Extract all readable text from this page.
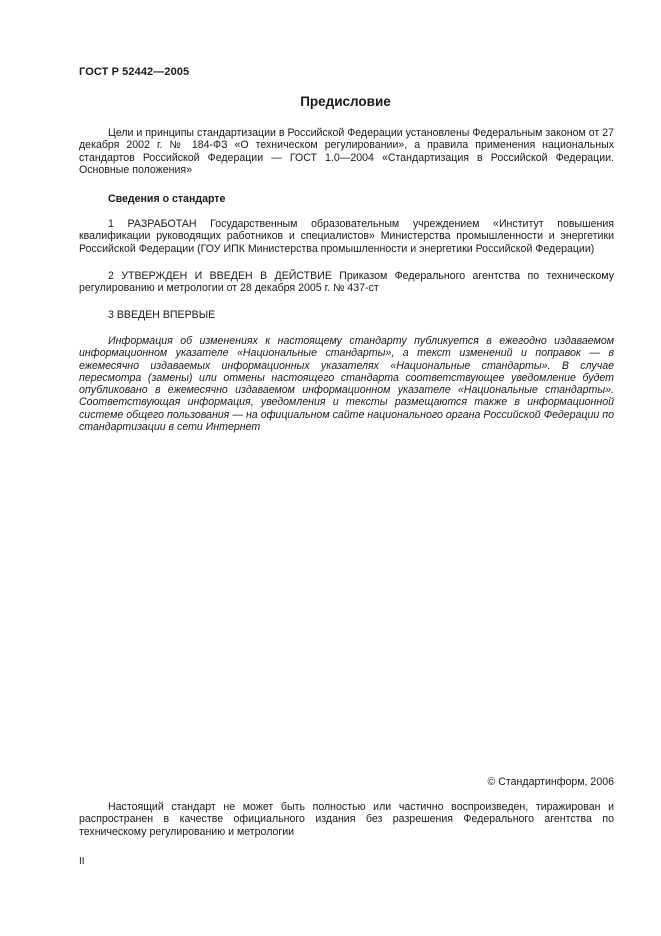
ГОСТ Р 52442—2005
Предисловие

Цели и принципы стандартизации в Российской Федерации установлены Федеральным законом от 27 декабря 2002 г. № 184-ФЗ «О техническом регулировании», а правила применения национальных стандартов Российской Федерации — ГОСТ 1.0—2004 «Стандартизация в Российской Федерации. Основные положения»

Сведения о стандарте

1 РАЗРАБОТАН Государственным образовательным учреждением «Институт повышения квалификации руководящих работников и специалистов» Министерства промышленности и энергетики Российской Федерации (ГОУ ИПК Министерства промышленности и энергетики Российской Федерации)

2 УТВЕРЖДЕН И ВВЕДЕН В ДЕЙСТВИЕ Приказом Федерального агентства по техническому регулированию и метрологии от 28 декабря 2005 г. № 437-ст

3 ВВЕДЕН ВПЕРВЫЕ

Информация об изменениях к настоящему стандарту публикуется в ежегодно издаваемом информационном указателе «Национальные стандарты», а текст изменений и поправок — в ежемесячно издаваемых информационных указателях «Национальные стандарты». В случае пересмотра (замены) или отмены настоящего стандарта соответствующее уведомление будет опубликовано в ежемесячно издаваемом информационном указателе «Национальные стандарты». Соответствующая информация, уведомления и тексты размещаются также в информационной системе общего пользования — на официальном сайте национального органа Российской Федерации по стандартизации в сети Интернет

© Стандартинформ, 2006

Настоящий стандарт не может быть полностью или частично воспроизведен, тиражирован и распространен в качестве официального издания без разрешения Федерального агентства по техническому регулированию и метрологии

II
